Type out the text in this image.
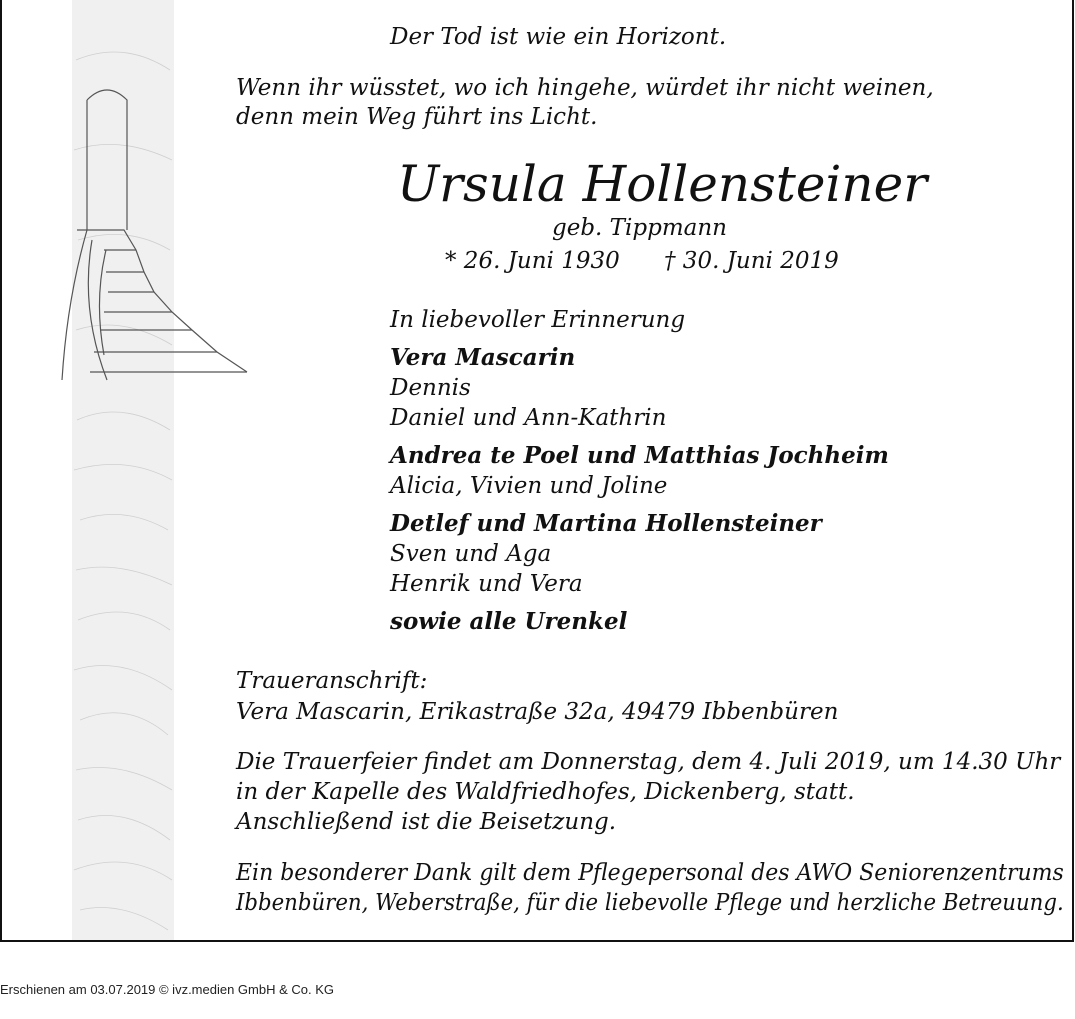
Der Tod ist wie ein Horizont.
Wenn ihr wüsstet, wo ich hingehe, würdet ihr nicht weinen,
denn mein Weg führt ins Licht.
Ursula Hollensteiner
geb. Tippmann
* 26. Juni 1930 † 30. Juni 2019
In liebevoller Erinnerung
Vera Mascarin
Dennis
Daniel und Ann-Kathrin
Andrea te Poel und Matthias Jochheim
Alicia, Vivien und Joline
Detlef und Martina Hollensteiner
Sven und Aga
Henrik und Vera
sowie alle Urenkel
Traueranschrift:
Vera Mascarin, Erikastraße 32a, 49479 Ibbenbüren
Die Trauerfeier findet am Donnerstag, dem 4. Juli 2019, um 14.30 Uhr
in der Kapelle des Waldfriedhofes, Dickenberg, statt.
Anschließend ist die Beisetzung.
Ein besonderer Dank gilt dem Pflegepersonal des AWO Seniorenzentrums
Ibbenbüren, Weberstraße, für die liebevolle Pflege und herzliche Betreuung.
Erschienen am 03.07.2019 © ivz.medien GmbH & Co. KG
